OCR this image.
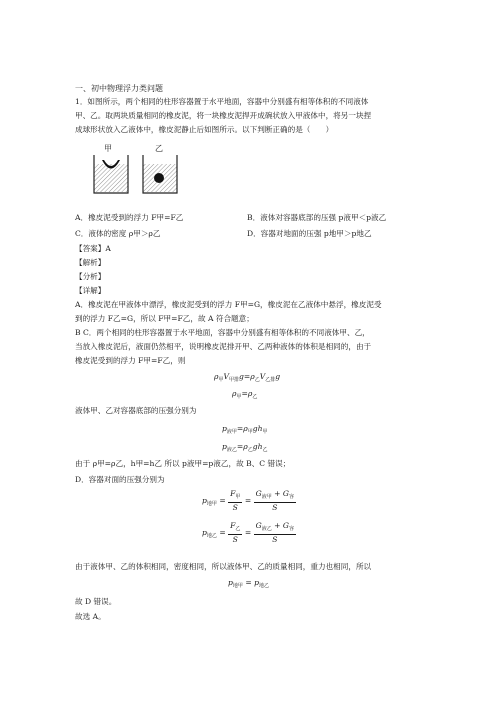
一、初中物理浮力类问题
1．如图所示，两个相同的柱形容器置于水平地面，容器中分别盛有相等体积的不同液体
甲、乙。取两块质量相同的橡皮泥，将一块橡皮泥捍开成碗状放入甲液体中，将另一块捏
成球形状放入乙液体中，橡皮泥静止后如图所示。以下判断正确的是（　　）
甲	乙
A．橡皮泥受到的浮力 F甲=F乙	B．液体对容器底部的压强 p液甲＜p液乙
C．液体的密度 ρ甲＞ρ乙	D．容器对地面的压强 p地甲＞p地乙
【答案】A
【解析】
【分析】
【详解】
A．橡皮泥在甲液体中漂浮，橡皮泥受到的浮力 F甲=G，橡皮泥在乙液体中悬浮，橡皮泥受
到的浮力 F乙=G，所以 F甲=F乙，故 A 符合题意；
B C．两个相同的柱形容器置于水平地面，容器中分别盛有相等体积的不同液体甲、乙，
当放入橡皮泥后，液面仍然相平，说明橡皮泥排开甲、乙两种液体的体积是相同的，由于
橡皮泥受到的浮力 F甲=F乙，则
$\rho_甲V_{甲排}g=\rho_乙V_{乙排}g$
$\rho_甲=\rho_乙$
液体甲、乙对容器底部的压强分别为
$p_{液甲}=\rho_甲gh_甲$
$p_{液乙}=\rho_乙gh_乙$
由于 ρ甲=ρ乙，h甲=h乙 所以 p液甲=p液乙，故 B、C 错误；
D．容器对面的压强分别为
$p_{地甲} = \frac{F_甲}{S} = \frac{G_{液甲} + G_容}{S}$
$p_{地乙} = \frac{F_乙}{S} = \frac{G_{液乙} + G_容}{S}$
由于液体甲、乙的体积相同，密度相同，所以液体甲、乙的质量相同，重力也相同，所以
$p_{地甲} = p_{地乙}$
故 D 错误。
故选 A。
